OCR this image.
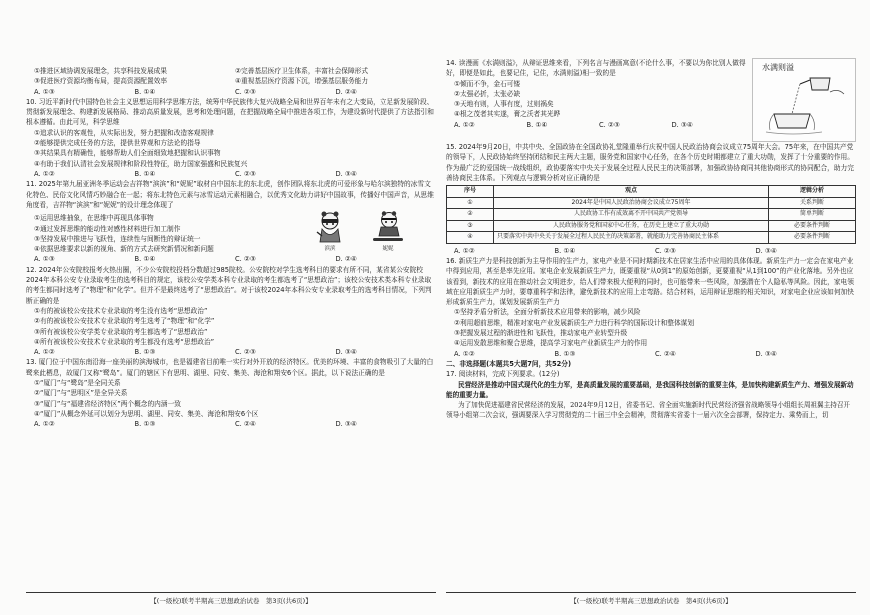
①推进区域协调发展理念，共享科技发展成果	②完善基层医疗卫生体系，丰富社会保障形式
③促进医疗资源均衡布局，提高资源配置效率	④重视基层医疗资源下沉，增强基层服务能力
A. ①③	B. ①④	C. ②③	D. ②④

10. 习近平新时代中国特色社会主义思想运用科学思维方法，统筹中华民族伟大复兴战略全局和世界百年未有之大变局，立足新发展阶段、贯彻新发展理念、构建新发展格局、推动高质量发展，思考和处理问题，在把握战略全局中推进各项工作，为建设新时代提供了方法指引和根本遵循。由此可见，科学思维

①追求认识的客观性，从实际出发，努力把握和改造客观规律
②能够提供完成任务的方法，提供世界观和方法论的指导
③其结果具有精确性，能够帮助人们全面细致地把握和认识事物
④有助于我们认清社会发展规律和阶段性特征，助力国家强盛和民族复兴
A. ①②	B. ①④	C. ②③	D. ③④

11. 2025年第九届亚洲冬季运动会吉祥物“滨滨”和“妮妮”取材自中国东北的东北虎，创作团队将东北虎的可爱形象与哈尔滨独特的冰雪文化特色、民俗文化风情巧妙融合在一起；将东北特色元素与冰雪运动元素相融合，以优秀文化助力讲好中国故事，传播好中国声音，从思维角度看，吉祥物“滨滨”和“妮妮”的设计理念体现了

①运用思维抽象，在思维中再现具体事物
②通过发挥思维的能动性对感性材料进行加工制作
③坚持发展中推进与飞跃性，连续性与间断性的辩证统一
④依据思维要求以新的视角、新的方式去研究新情况和新问题	滨滨	妮妮
A. ①③	B. ①④	C. ②③	D. ②④

12. 2024年公安院校报考火热出圈，不少公安院校投档分数超过985院校。公安院校对学生选考科目的要求有所不同，某省某公安院校2024年本科公安专业录取考生的选考科目的规定，该校公安学类本科专业录取的考生都选考了“思想政治”；该校公安技术类本科专业录取的考生都同时选考了“物理”和“化学”。但并不是最终选考了“思想政治”。对于该校2024年本科公安专业录取考生的选考科目情况，下列判断正确的是

①有的被该校公安技术专业录取的考生没有选考“思想政治”
②有的被该校公安技术专业录取的考生选考了“物理”和“化学”
③所有被该校公安学类专业录取的考生都选考了“思想政治”
④所有被该校公安技术专业录取的考生都没有选考“思想政治”
A. ①②	B. ①③	C. ②③	D. ③④

13. 厦门位于中国东南沿海一座美丽的滨海城市，也是福建省目前唯一实行对外开放的经济特区。优美的环境、丰富的食物吸引了大量的白鹭来此栖息，故厦门又称“鹭岛”。厦门的辖区下有思明、湖里、同安、集美、海沧和翔安6个区。据此，以下说法正确的是

①“厦门”与“鹭岛”是全同关系
②“厦门”与“思明区”是全异关系
③“厦门”与“福建省经济特区”两个概念的内涵一致
④“厦门”从概念外延可以划分为思明、湖里、同安、集美、海沧和翔安6个区
A. ①②	B. ①③	C. ②④	D. ③④
【(一级校)联考半期高三思想政治试卷　第3页(共6页)】
水满则溢

14. 读漫画《水满则溢》，从辩证思维来看，下列名言与漫画寓意(不论什么事，不要以为你比别人做得好，即便是如此，也要记住，记住，水满则溢)相一致的是

①倾而不争，金石可镂
②太强必折，太张必缺
③天地有则，人事有度，过则祸矣
④根之茂者其实遂，膏之沃者其光晔
A. ①②	B. ①④	C. ②③	D. ③④

15. 2024年9月20日，中共中央、全国政协在全国政协礼堂隆重举行庆祝中国人民政治协商会议成立75周年大会。75年来，在中国共产党的领导下，人民政协始终坚持团结和民主两大主题，服务党和国家中心任务，在各个历史时期都建立了重大功勋，发挥了十分重要的作用。作为最广泛的爱国统一战线组织，政协要落实中央关于发展全过程人民民主的决策部署，加强政协协商同其他协商形式的协同配合，助力完善协商民主体系。下列观点与逻辑分析对应正确的是

序号	观点	逻辑分析
①	2024年是中国人民政治协商会议成立75周年	关系判断
②	人民政协工作有成效离不开中国共产党领导	简单判断
③	人民政协服务党和国家中心任务，在历史上建立了重大功勋	必要条件判断
④	只要落实中共中央关于发展全过程人民民主的决策部署，就能助力完善协商民主体系	必要条件判断
A. ①②	B. ①④	C. ②③	D. ③④

16. 新质生产力是科技创新为主导作用的生产力，家电产业是不同时期新技术在居家生活中应用的具体体现。新质生产力一定会在家电产业中得到应用，甚至是率先应用。家电企业发展新质生产力，既要重视“从0到1”的原始创新，更要重视“从1到100”的产业化落地。另外也应该看到，新技术的应用在推动社会文明进步，给人们带来极大便利的同时，也可能带来一些风险，加强潜在个人隐私等风险。因此，家电领域在应用新质生产力时，要尊重科学和法律，避免新技术的应用上走弯路。结合材料，运用辩证思维的相关知识，对家电企业应该如何加快形成新质生产力，谋划发展新质生产力

①坚持矛盾分析法，全面分析新技术应用带来的影响，减少风险
②利用超前思维，精准对家电产业发展新质生产力进行科学的国际设计和整体谋划
③把握发展过程的渐进性和飞跃性，推动家电产业转型升级
④运用发散思维和聚合思维，提高学习家电产业新质生产力的作用
A. ①②	B. ①③	C. ②④	D. ③④
二、非选择题(本题共5大题7问，共52分)

17. 阅读材料，完成下列要求。(12分)

民营经济是推动中国式现代化的生力军，是高质量发展的重要基础，是我国科技创新的重要主体，是加快构建新质生产力、增强发展新动能的重要力量。

为了加快促进福建省民营经济的发展，2024年9月12日，省委书记、省全面实施新时代民营经济强省战略领导小组组长周祖翼主持召开领导小组第二次会议，强调要深入学习贯彻党的二十届三中全会精神，贯彻落实省委十一届六次全会部署，保持定力、乘势而上，切

【(一级校)联考半期高三思想政治试卷　第4页(共6页)】
